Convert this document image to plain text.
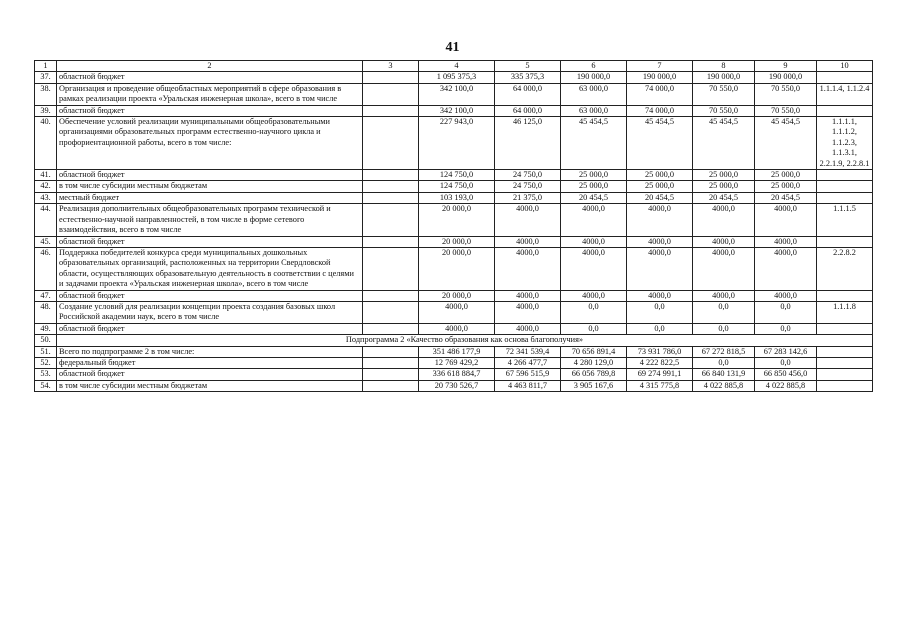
41
1	2	3	4	5	6	7	8	9	10
37.	областной бюджет		1 095 375,3	335 375,3	190 000,0	190 000,0	190 000,0	190 000,0	
38.	Организация и проведение общеобластных мероприятий в сфере образования в рамках реализации проекта «Уральская инженерная школа», всего в том числе		342 100,0	64 000,0	63 000,0	74 000,0	70 550,0	70 550,0	1.1.1.4, 1.1.2.4
39.	областной бюджет		342 100,0	64 000,0	63 000,0	74 000,0	70 550,0	70 550,0	
40.	Обеспечение условий реализации муниципальными общеобразовательными организациями образовательных программ естественно-научного цикла и профориентационной работы, всего в том числе:		227 943,0	46 125,0	45 454,5	45 454,5	45 454,5	45 454,5	1.1.1.1, 1.1.1.2, 1.1.2.3, 1.1.3.1, 2.2.1.9, 2.2.8.1
41.	областной бюджет		124 750,0	24 750,0	25 000,0	25 000,0	25 000,0	25 000,0	
42.	в том числе субсидии местным бюджетам		124 750,0	24 750,0	25 000,0	25 000,0	25 000,0	25 000,0	
43.	местный бюджет		103 193,0	21 375,0	20 454,5	20 454,5	20 454,5	20 454,5	
44.	Реализация дополнительных общеобразовательных программ технической и естественно-научной направленностей, в том числе в форме сетевого взаимодействия, всего в том числе		20 000,0	4000,0	4000,0	4000,0	4000,0	4000,0	1.1.1.5
45.	областной бюджет		20 000,0	4000,0	4000,0	4000,0	4000,0	4000,0	
46.	Поддержка победителей конкурса среди муниципальных дошкольных образовательных организаций, расположенных на территории Свердловской области, осуществляющих образовательную деятельность в соответствии с целями и задачами проекта «Уральская инженерная школа», всего в том числе		20 000,0	4000,0	4000,0	4000,0	4000,0	4000,0	2.2.8.2
47.	областной бюджет		20 000,0	4000,0	4000,0	4000,0	4000,0	4000,0	
48.	Создание условий для реализации концепции проекта создания базовых школ Российской академии наук, всего в том числе		4000,0	4000,0	0,0	0,0	0,0	0,0	1.1.1.8
49.	областной бюджет		4000,0	4000,0	0,0	0,0	0,0	0,0	
50.	Подпрограмма 2 «Качество образования как основа благополучия»								
51.	Всего по подпрограмме 2 в том числе:		351 486 177,9	72 341 539,4	70 656 891,4	73 931 786,0	67 272 818,5	67 283 142,6	
52.	федеральный бюджет		12 769 429,2	4 266 477,7	4 280 129,0	4 222 822,5	0,0	0,0	
53.	областной бюджет		336 618 884,7	67 596 515,9	66 056 789,8	69 274 991,1	66 840 131,9	66 850 456,0	
54.	в том числе субсидии местным бюджетам		20 730 526,7	4 463 811,7	3 905 167,6	4 315 775,8	4 022 885,8	4 022 885,8	
